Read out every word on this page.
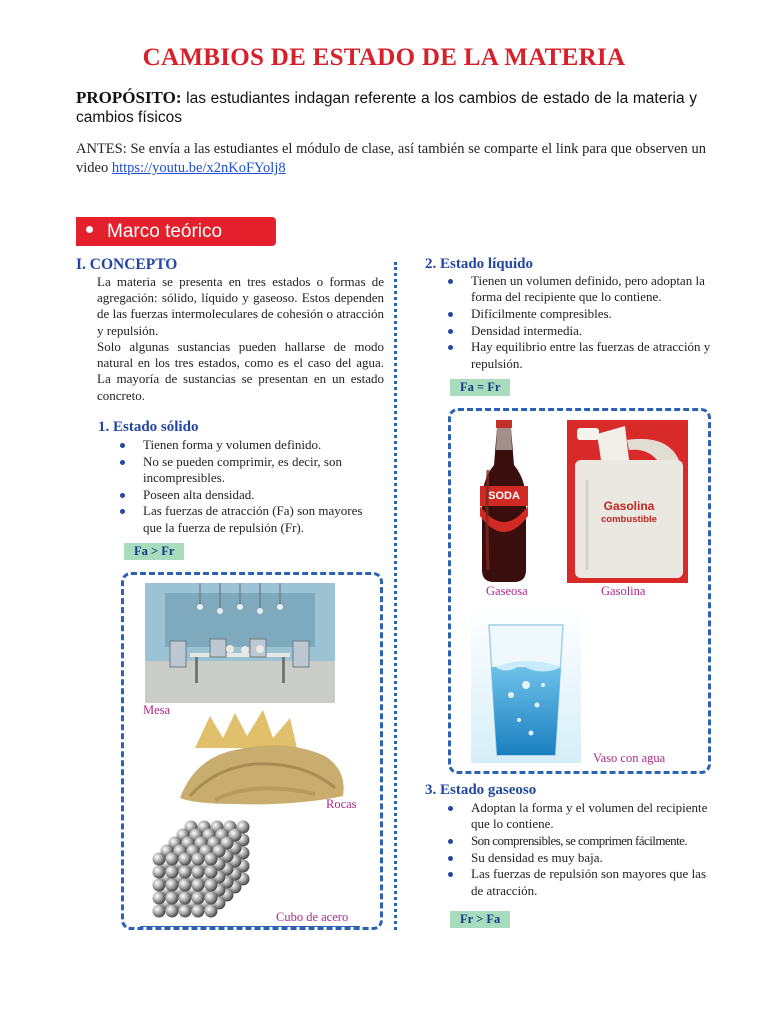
CAMBIOS DE ESTADO DE LA MATERIA
PROPÓSITO: las estudiantes indagan referente a los cambios de estado de la materia y cambios físicos
ANTES: Se envía a las estudiantes el módulo de clase, así también se comparte el link para que observen un video https://youtu.be/x2nKoFYolj8
Marco teórico
I. CONCEPTO
La materia se presenta en tres estados o formas de agregación: sólido, líquido y gaseoso. Estos dependen de las fuerzas intermoleculares de cohesión o atracción y repulsión.
Solo algunas sustancias pueden hallarse de modo natural en los tres estados, como es el caso del agua. La mayoría de sustancias se presentan en un estado concreto.
1. Estado sólido
Tienen forma y volumen definido.
No se pueden comprimir, es decir, son incompresibles.
Poseen alta densidad.
Las fuerzas de atracción (Fa) son mayores que la fuerza de repulsión (Fr).
Fa > Fr
Mesa
Rocas
Cubo de acero
2. Estado líquido
Tienen un volumen definido, pero adoptan la forma del recipiente que lo contiene.
Difícilmente compresibles.
Densidad intermedia.
Hay equilibrio entre las fuerzas de atracción y repulsión.
Fa = Fr
SODA
Gaseosa
Gasolina
combustible
Gasolina
Vaso con agua
3. Estado gaseoso
Adoptan la forma y el volumen del recipiente que lo contiene.
Son comprensibles, se comprimen fácilmente.
Su densidad es muy baja.
Las fuerzas de repulsión son mayores que las de atracción.
Fr > Fa
